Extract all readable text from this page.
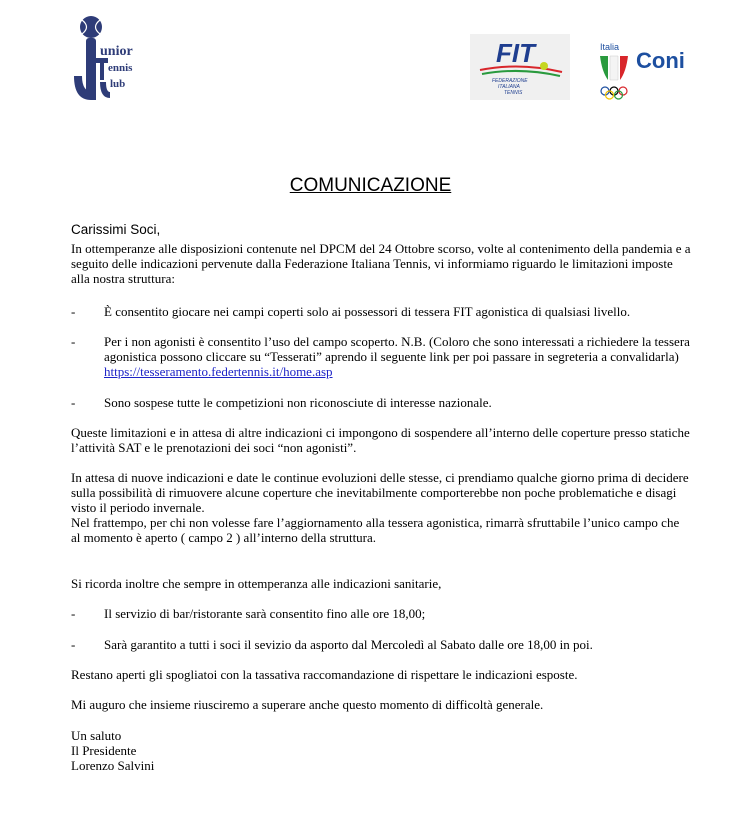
unior
ennis
lub
FIT
FEDERAZIONE
ITALIANA
TENNIS
Italia
Coni
COMUNICAZIONE
Carissimi Soci,
In ottemperanze alle disposizioni contenute nel DPCM del 24 Ottobre scorso, volte al contenimento della pandemia e a seguito delle indicazioni pervenute dalla Federazione Italiana Tennis, vi informiamo riguardo le limitazioni imposte alla nostra struttura:
- È consentito giocare nei campi coperti solo ai possessori di tessera FIT agonistica di qualsiasi livello.
- Per i non agonisti è consentito l’uso del campo scoperto. N.B. (Coloro che sono interessati a richiedere la tessera agonistica possono cliccare su “Tesserati” aprendo il seguente link per poi passare in segreteria a convalidarla) https://tesseramento.federtennis.it/home.asp
- Sono sospese tutte le competizioni non riconosciute di interesse nazionale.
Queste limitazioni e in attesa di altre indicazioni ci impongono di sospendere all’interno delle coperture presso statiche l’attività SAT e le prenotazioni dei soci “non agonisti”.
In attesa di nuove indicazioni e date le continue evoluzioni delle stesse, ci prendiamo qualche giorno prima di decidere sulla possibilità di rimuovere alcune coperture che inevitabilmente comporterebbe non poche problematiche e disagi visto il periodo invernale.
Nel frattempo, per chi non volesse fare l’aggiornamento alla tessera agonistica, rimarrà sfruttabile l’unico campo che al momento è aperto ( campo 2 ) all’interno della struttura.
Si ricorda inoltre che sempre in ottemperanza alle indicazioni sanitarie,
- Il servizio di bar/ristorante sarà consentito fino alle ore 18,00;
- Sarà garantito a tutti i soci il sevizio da asporto dal Mercoledì al Sabato dalle ore 18,00 in poi.
Restano aperti gli spogliatoi con la tassativa raccomandazione di rispettare le indicazioni esposte.
Mi auguro che insieme riusciremo a superare anche questo momento di difficoltà generale.
Un saluto
Il Presidente
Lorenzo Salvini
